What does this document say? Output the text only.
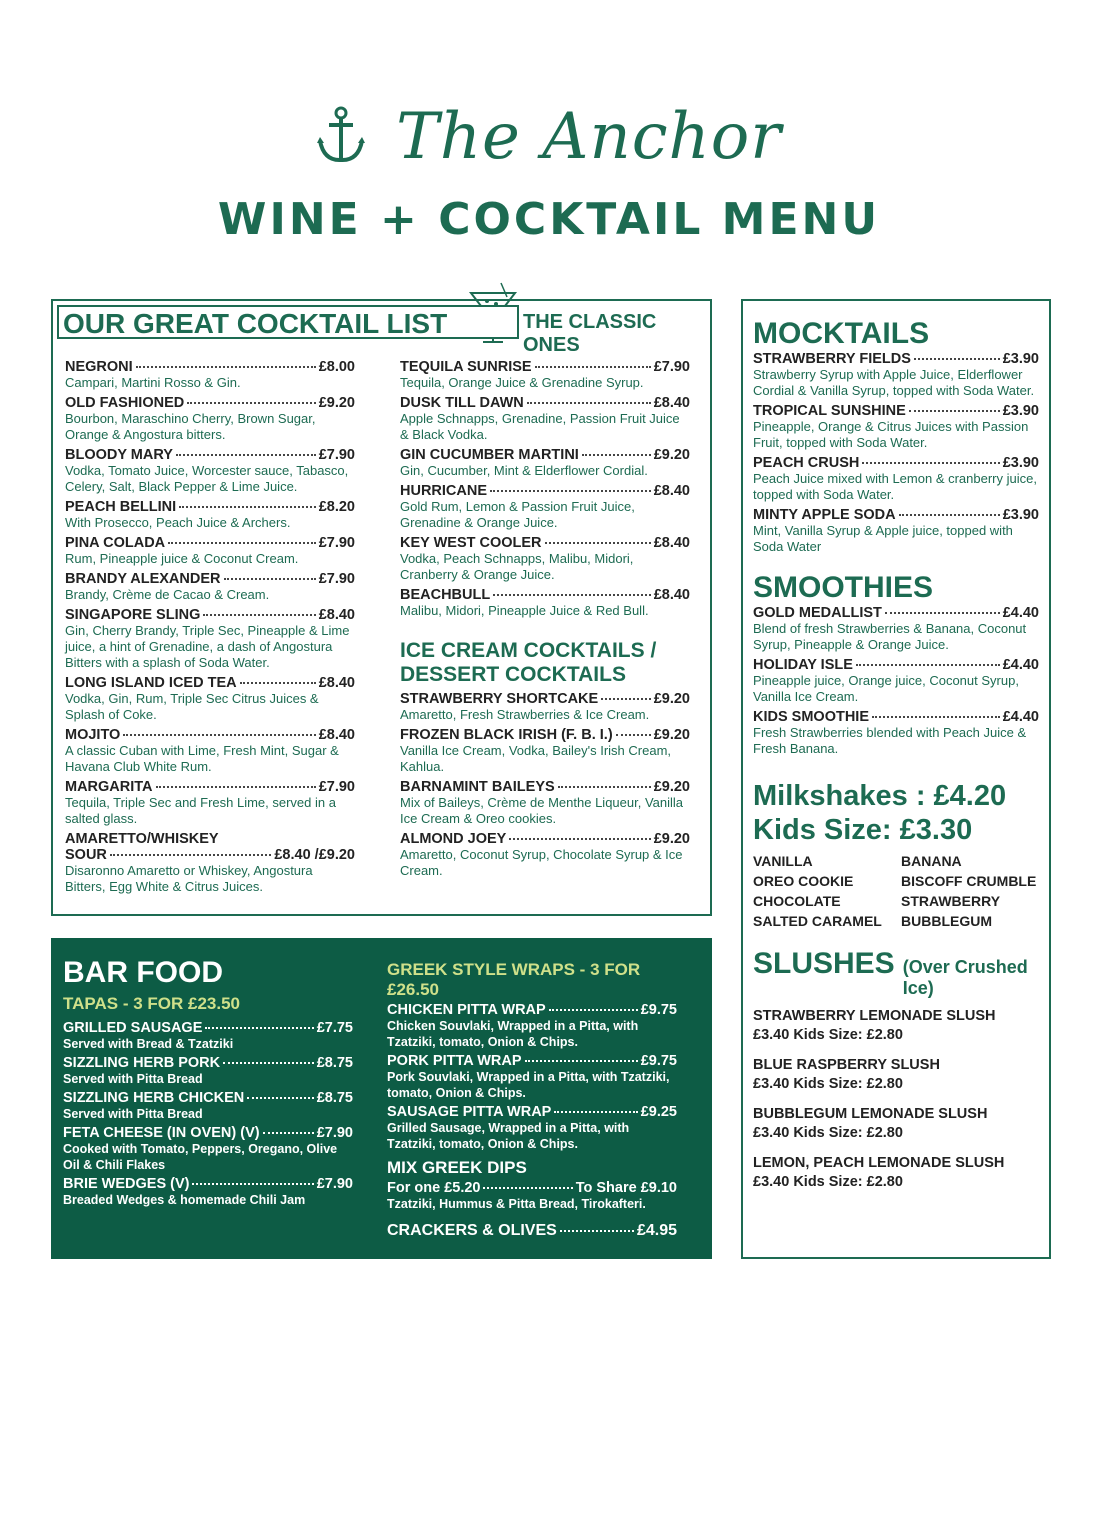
The Anchor
WINE + COCKTAIL MENU
OUR GREAT COCKTAIL LIST	THE CLASSIC ONES
NEGRONI	£8.00
Campari, Martini Rosso & Gin.
OLD FASHIONED	£9.20
Bourbon, Maraschino Cherry, Brown Sugar, Orange & Angostura bitters.
BLOODY MARY	£7.90
Vodka, Tomato Juice, Worcester sauce, Tabasco, Celery, Salt, Black Pepper & Lime Juice.
PEACH BELLINI	£8.20
With Prosecco, Peach Juice & Archers.
PINA COLADA	£7.90
Rum, Pineapple juice & Coconut Cream.
BRANDY ALEXANDER	£7.90
Brandy, Crème de Cacao & Cream.
SINGAPORE SLING	£8.40
Gin, Cherry Brandy, Triple Sec, Pineapple & Lime juice, a hint of Grenadine, a dash of Angostura Bitters with a splash of Soda Water.
LONG ISLAND ICED TEA	£8.40
Vodka, Gin, Rum, Triple Sec Citrus Juices & Splash of Coke.
MOJITO	£8.40
A classic Cuban with Lime, Fresh Mint, Sugar & Havana Club White Rum.
MARGARITA	£7.90
Tequila, Triple Sec and Fresh Lime, served in a salted glass.
AMARETTO/WHISKEY
SOUR	£8.40 /£9.20
Disaronno Amaretto or Whiskey, Angostura Bitters, Egg White & Citrus Juices.
TEQUILA SUNRISE	£7.90
Tequila, Orange Juice & Grenadine Syrup.
DUSK TILL DAWN	£8.40
Apple Schnapps, Grenadine, Passion Fruit Juice & Black Vodka.
GIN CUCUMBER MARTINI	£9.20
Gin, Cucumber, Mint & Elderflower Cordial.
HURRICANE	£8.40
Gold Rum, Lemon & Passion Fruit Juice, Grenadine & Orange Juice.
KEY WEST COOLER	£8.40
Vodka, Peach Schnapps, Malibu, Midori, Cranberry & Orange Juice.
BEACHBULL	£8.40
Malibu, Midori, Pineapple Juice & Red Bull.
ICE CREAM COCKTAILS / DESSERT COCKTAILS
STRAWBERRY SHORTCAKE	£9.20
Amaretto, Fresh Strawberries & Ice Cream.
FROZEN BLACK IRISH (F. B. I.)	£9.20
Vanilla Ice Cream, Vodka, Bailey's Irish Cream, Kahlua.
BARNAMINT BAILEYS	£9.20
Mix of Baileys, Crème de Menthe Liqueur, Vanilla Ice Cream & Oreo cookies.
ALMOND JOEY	£9.20
Amaretto, Coconut Syrup, Chocolate Syrup & Ice Cream.
BAR FOOD
TAPAS - 3 FOR £23.50
GRILLED SAUSAGE	£7.75
Served with Bread & Tzatziki
SIZZLING HERB PORK	£8.75
Served with Pitta Bread
SIZZLING HERB CHICKEN	£8.75
Served with Pitta Bread
FETA CHEESE (IN OVEN) (V)	£7.90
Cooked with Tomato, Peppers, Oregano, Olive Oil & Chili Flakes
BRIE WEDGES (V)	£7.90
Breaded Wedges & homemade Chili Jam
GREEK STYLE WRAPS - 3 FOR £26.50
CHICKEN PITTA WRAP	£9.75
Chicken Souvlaki, Wrapped in a Pitta, with Tzatziki, tomato, Onion & Chips.
PORK PITTA WRAP	£9.75
Pork Souvlaki, Wrapped in a Pitta, with Tzatziki, tomato, Onion & Chips.
SAUSAGE PITTA WRAP	£9.25
Grilled Sausage, Wrapped in a Pitta, with Tzatziki, tomato, Onion & Chips.
MIX GREEK DIPS
For one £5.20	To Share £9.10
Tzatziki, Hummus & Pitta Bread, Tirokafteri.
CRACKERS & OLIVES	£4.95
MOCKTAILS
STRAWBERRY FIELDS	£3.90
Strawberry Syrup with Apple Juice, Elderflower Cordial & Vanilla Syrup, topped with Soda Water.
TROPICAL SUNSHINE	£3.90
Pineapple, Orange & Citrus Juices with Passion Fruit, topped with Soda Water.
PEACH CRUSH	£3.90
Peach Juice mixed with Lemon & cranberry juice, topped with Soda Water.
MINTY APPLE SODA	£3.90
Mint, Vanilla Syrup & Apple juice, topped with Soda Water
SMOOTHIES
GOLD MEDALLIST	£4.40
Blend of fresh Strawberries & Banana, Coconut Syrup, Pineapple & Orange Juice.
HOLIDAY ISLE	£4.40
Pineapple juice, Orange juice, Coconut Syrup, Vanilla Ice Cream.
KIDS SMOOTHIE	£4.40
Fresh Strawberries blended with Peach Juice & Fresh Banana.
Milkshakes : £4.20
Kids Size: £3.30
VANILLA	BANANA
OREO COOKIE	BISCOFF CRUMBLE
CHOCOLATE	STRAWBERRY
SALTED CARAMEL	BUBBLEGUM
SLUSHES (Over Crushed Ice)
STRAWBERRY LEMONADE SLUSH
£3.40 Kids Size: £2.80
BLUE RASPBERRY SLUSH
£3.40 Kids Size: £2.80
BUBBLEGUM LEMONADE SLUSH
£3.40 Kids Size: £2.80
LEMON, PEACH LEMONADE SLUSH
£3.40 Kids Size: £2.80
